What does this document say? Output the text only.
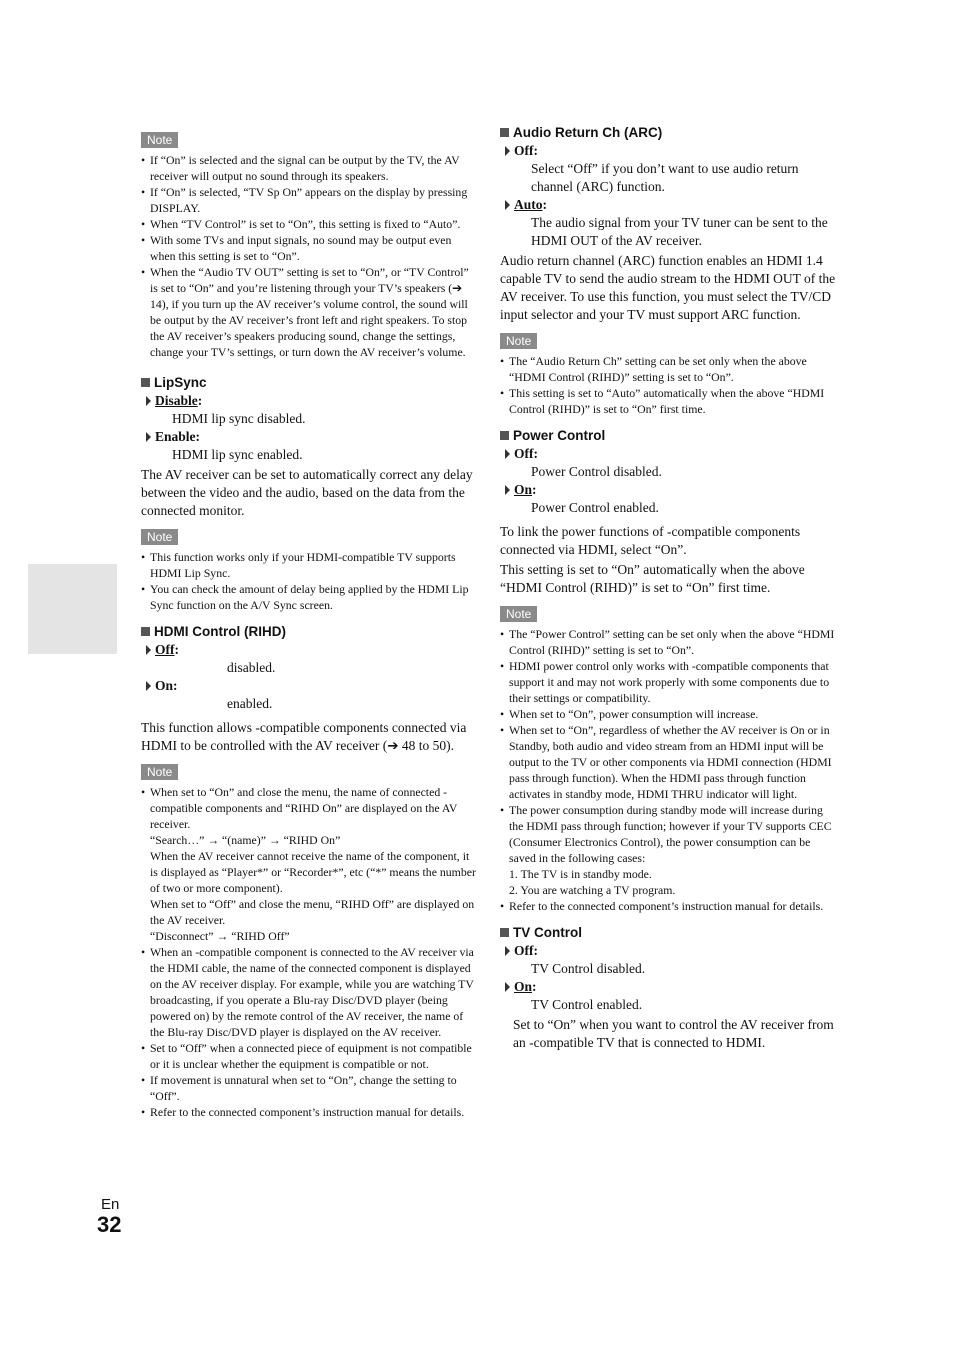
Note
• If “On” is selected and the signal can be output by the TV, the AV receiver will output no sound through its speakers.
• If “On” is selected, “TV Sp On” appears on the display by pressing DISPLAY.
• When “TV Control” is set to “On”, this setting is fixed to “Auto”.
• With some TVs and input signals, no sound may be output even when this setting is set to “On”.
• When the “Audio TV OUT” setting is set to “On”, or “TV Control” is set to “On” and you’re listening through your TV’s speakers (➔ 14), if you turn up the AV receiver’s volume control, the sound will be output by the AV receiver’s front left and right speakers. To stop the AV receiver’s speakers producing sound, change the settings, change your TV’s settings, or turn down the AV receiver’s volume.
LipSync
Disable:
HDMI lip sync disabled.
Enable:
HDMI lip sync enabled.
The AV receiver can be set to automatically correct any delay between the video and the audio, based on the data from the connected monitor.
Note
• This function works only if your HDMI-compatible TV supports HDMI Lip Sync.
• You can check the amount of delay being applied by the HDMI Lip Sync function on the A/V Sync screen.
HDMI Control (RIHD)
Off:
disabled.
On:
enabled.
This function allows -compatible components connected via HDMI to be controlled with the AV receiver (➔ 48 to 50).
Note
• When set to “On” and close the menu, the name of connected -compatible components and “RIHD On” are displayed on the AV receiver.
“Search…” → “(name)” → “RIHD On”
When the AV receiver cannot receive the name of the component, it is displayed as “Player*” or “Recorder*”, etc (“*” means the number of two or more component).
When set to “Off” and close the menu, “RIHD Off” are displayed on the AV receiver.
“Disconnect” → “RIHD Off”
• When an -compatible component is connected to the AV receiver via the HDMI cable, the name of the connected component is displayed on the AV receiver display. For example, while you are watching TV broadcasting, if you operate a Blu-ray Disc/DVD player (being powered on) by the remote control of the AV receiver, the name of the Blu-ray Disc/DVD player is displayed on the AV receiver.
• Set to “Off” when a connected piece of equipment is not compatible or it is unclear whether the equipment is compatible or not.
• If movement is unnatural when set to “On”, change the setting to “Off”.
• Refer to the connected component’s instruction manual for details.
Audio Return Ch (ARC)
Off:
Select “Off” if you don’t want to use audio return channel (ARC) function.
Auto:
The audio signal from your TV tuner can be sent to the HDMI OUT of the AV receiver.
Audio return channel (ARC) function enables an HDMI 1.4 capable TV to send the audio stream to the HDMI OUT of the AV receiver. To use this function, you must select the TV/CD input selector and your TV must support ARC function.
Note
• The “Audio Return Ch” setting can be set only when the above “HDMI Control (RIHD)” setting is set to “On”.
• This setting is set to “Auto” automatically when the above “HDMI Control (RIHD)” is set to “On” first time.
Power Control
Off:
Power Control disabled.
On:
Power Control enabled.
To link the power functions of -compatible components connected via HDMI, select “On”.
This setting is set to “On” automatically when the above “HDMI Control (RIHD)” is set to “On” first time.
Note
• The “Power Control” setting can be set only when the above “HDMI Control (RIHD)” setting is set to “On”.
• HDMI power control only works with -compatible components that support it and may not work properly with some components due to their settings or compatibility.
• When set to “On”, power consumption will increase.
• When set to “On”, regardless of whether the AV receiver is On or in Standby, both audio and video stream from an HDMI input will be output to the TV or other components via HDMI connection (HDMI pass through function). When the HDMI pass through function activates in standby mode, HDMI THRU indicator will light.
• The power consumption during standby mode will increase during the HDMI pass through function; however if your TV supports CEC (Consumer Electronics Control), the power consumption can be saved in the following cases:
1. The TV is in standby mode.
2. You are watching a TV program.
• Refer to the connected component’s instruction manual for details.
TV Control
Off:
TV Control disabled.
On:
TV Control enabled.
Set to “On” when you want to control the AV receiver from an -compatible TV that is connected to HDMI.
En
32
